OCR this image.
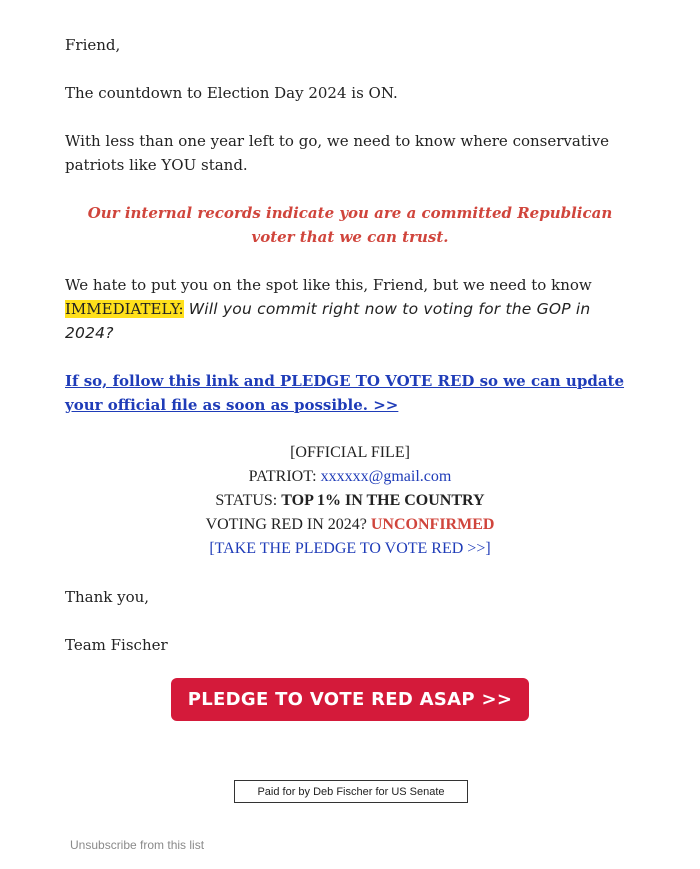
Friend,

The countdown to Election Day 2024 is ON.

With less than one year left to go, we need to know where conservative patriots like YOU stand.

Our internal records indicate you are a committed Republican voter that we can trust.

We hate to put you on the spot like this, Friend, but we need to know IMMEDIATELY: Will you commit right now to voting for the GOP in 2024?

If so, follow this link and PLEDGE TO VOTE RED so we can update your official file as soon as possible. >>
[OFFICIAL FILE]
PATRIOT: xxxxxx@gmail.com
STATUS: TOP 1% IN THE COUNTRY
VOTING RED IN 2024? UNCONFIRMED
[TAKE THE PLEDGE TO VOTE RED >>]

Thank you,

Team Fischer

PLEDGE TO VOTE RED ASAP >>
Paid for by Deb Fischer for US Senate
Unsubscribe from this list
